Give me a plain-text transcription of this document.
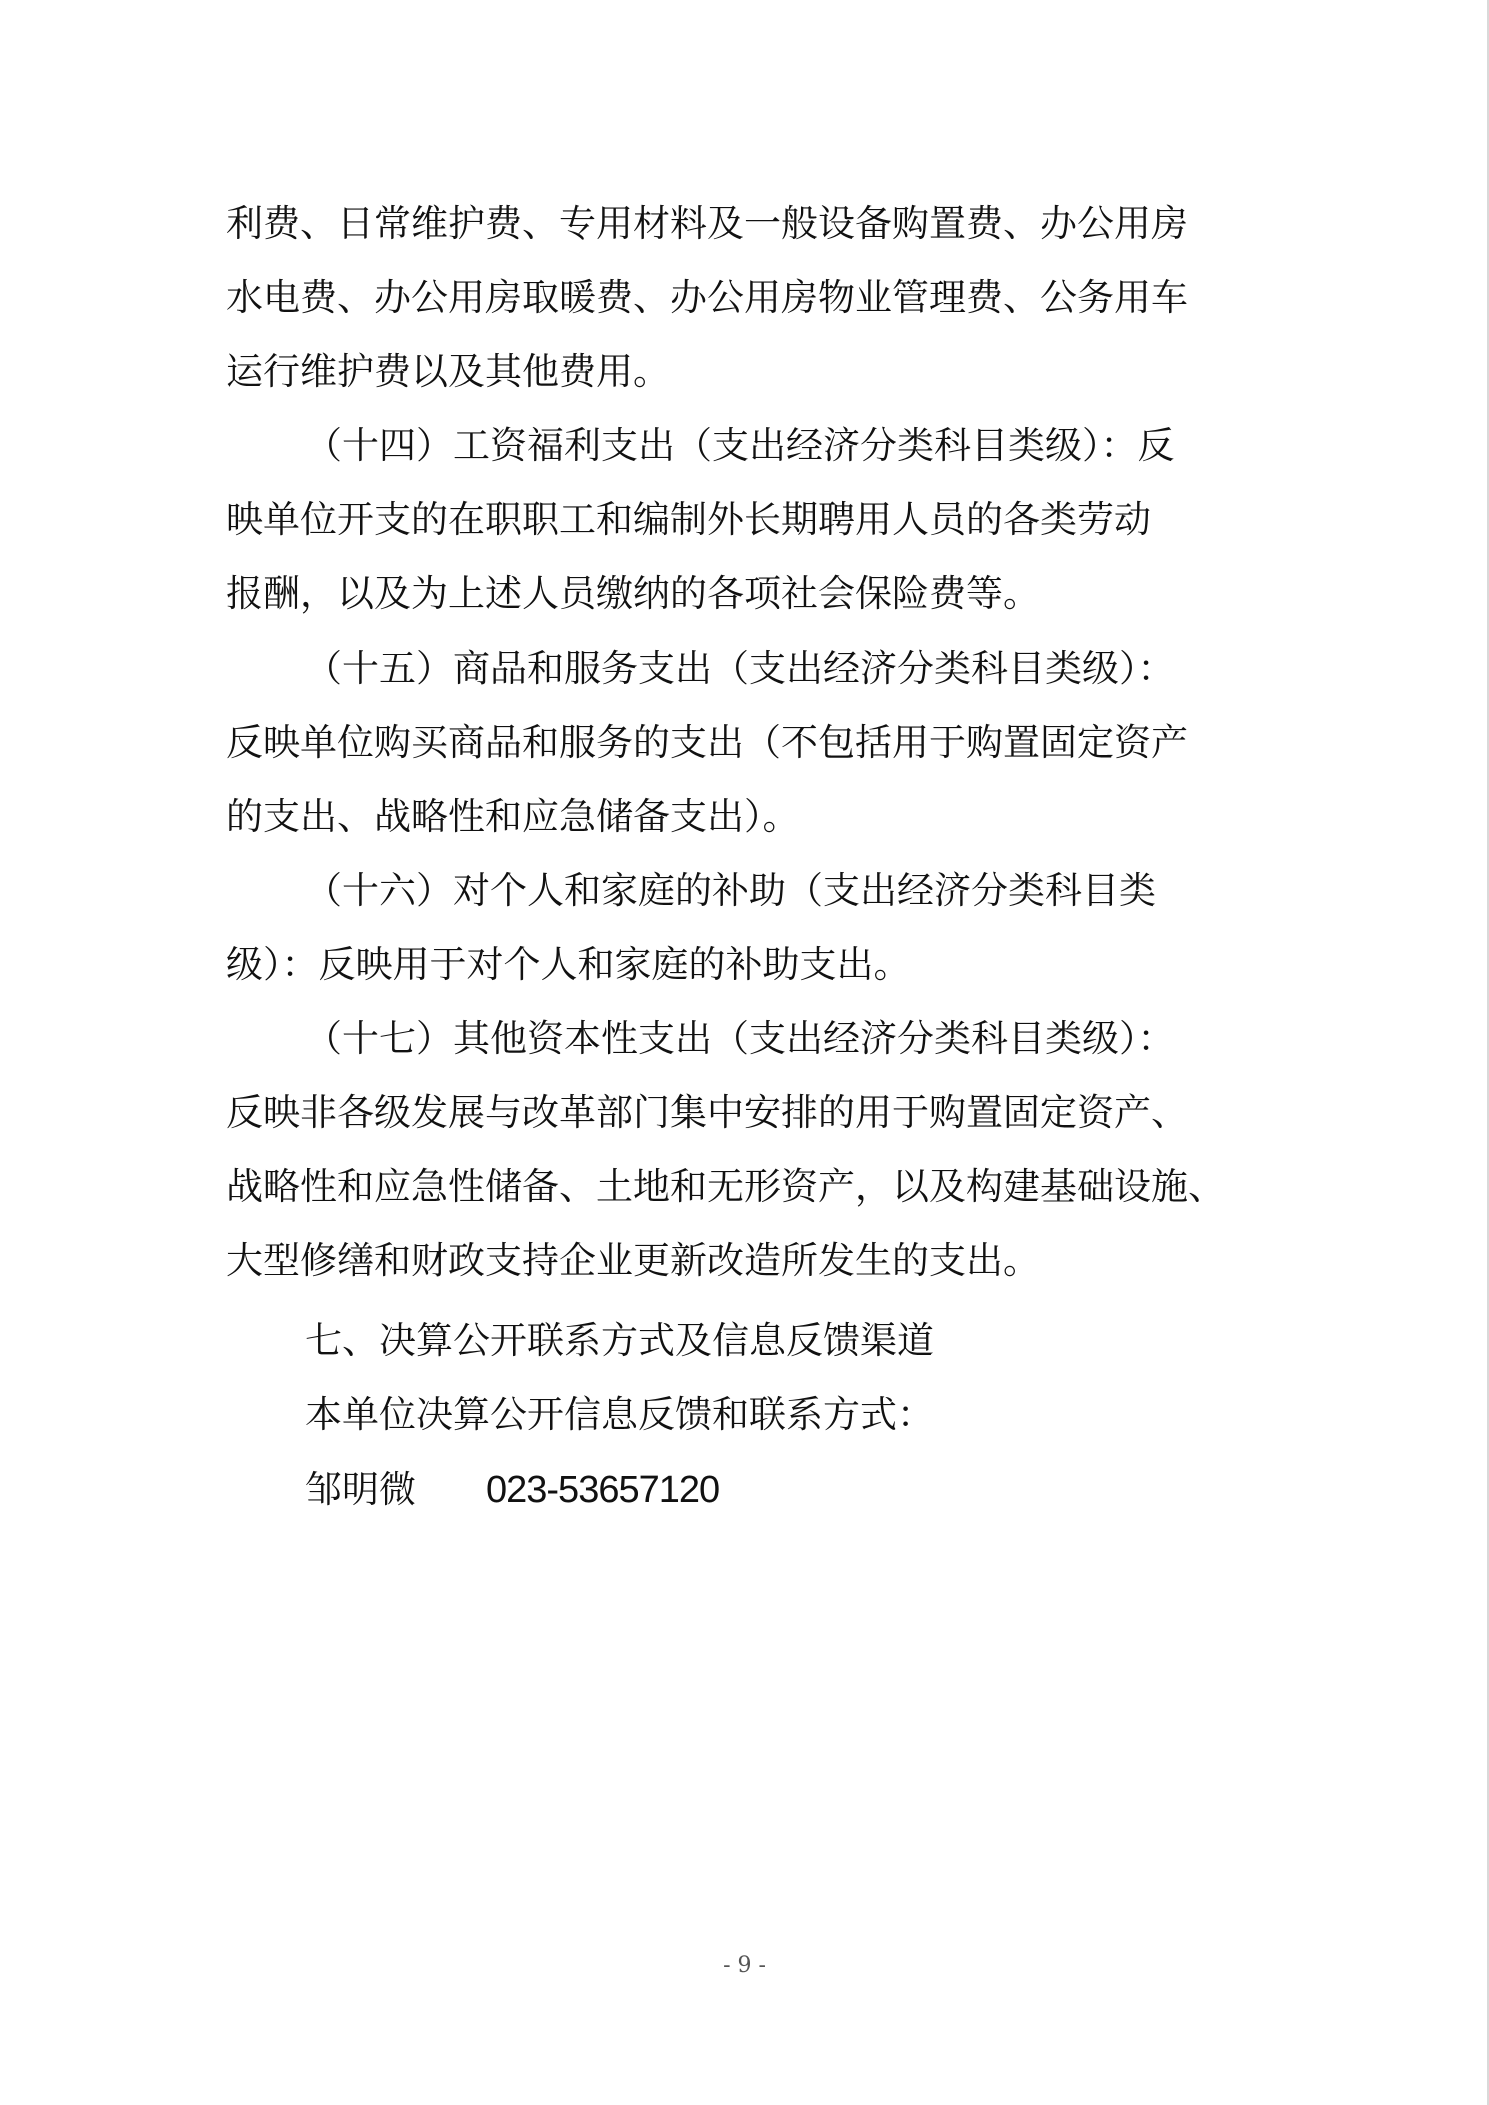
利费、日常维护费、专用材料及一般设备购置费、办公用房
水电费、办公用房取暖费、办公用房物业管理费、公务用车
运行维护费以及其他费用。
（十四）工资福利支出（支出经济分类科目类级）：反
映单位开支的在职职工和编制外长期聘用人员的各类劳动
报酬，以及为上述人员缴纳的各项社会保险费等。
（十五）商品和服务支出（支出经济分类科目类级）：
反映单位购买商品和服务的支出（不包括用于购置固定资产
的支出、战略性和应急储备支出）。
（十六）对个人和家庭的补助（支出经济分类科目类
级）：反映用于对个人和家庭的补助支出。
（十七）其他资本性支出（支出经济分类科目类级）：
反映非各级发展与改革部门集中安排的用于购置固定资产、
战略性和应急性储备、土地和无形资产，以及构建基础设施、
大型修缮和财政支持企业更新改造所发生的支出。
七、决算公开联系方式及信息反馈渠道
本单位决算公开信息反馈和联系方式：
邹明微 023-53657120
- 9 -
